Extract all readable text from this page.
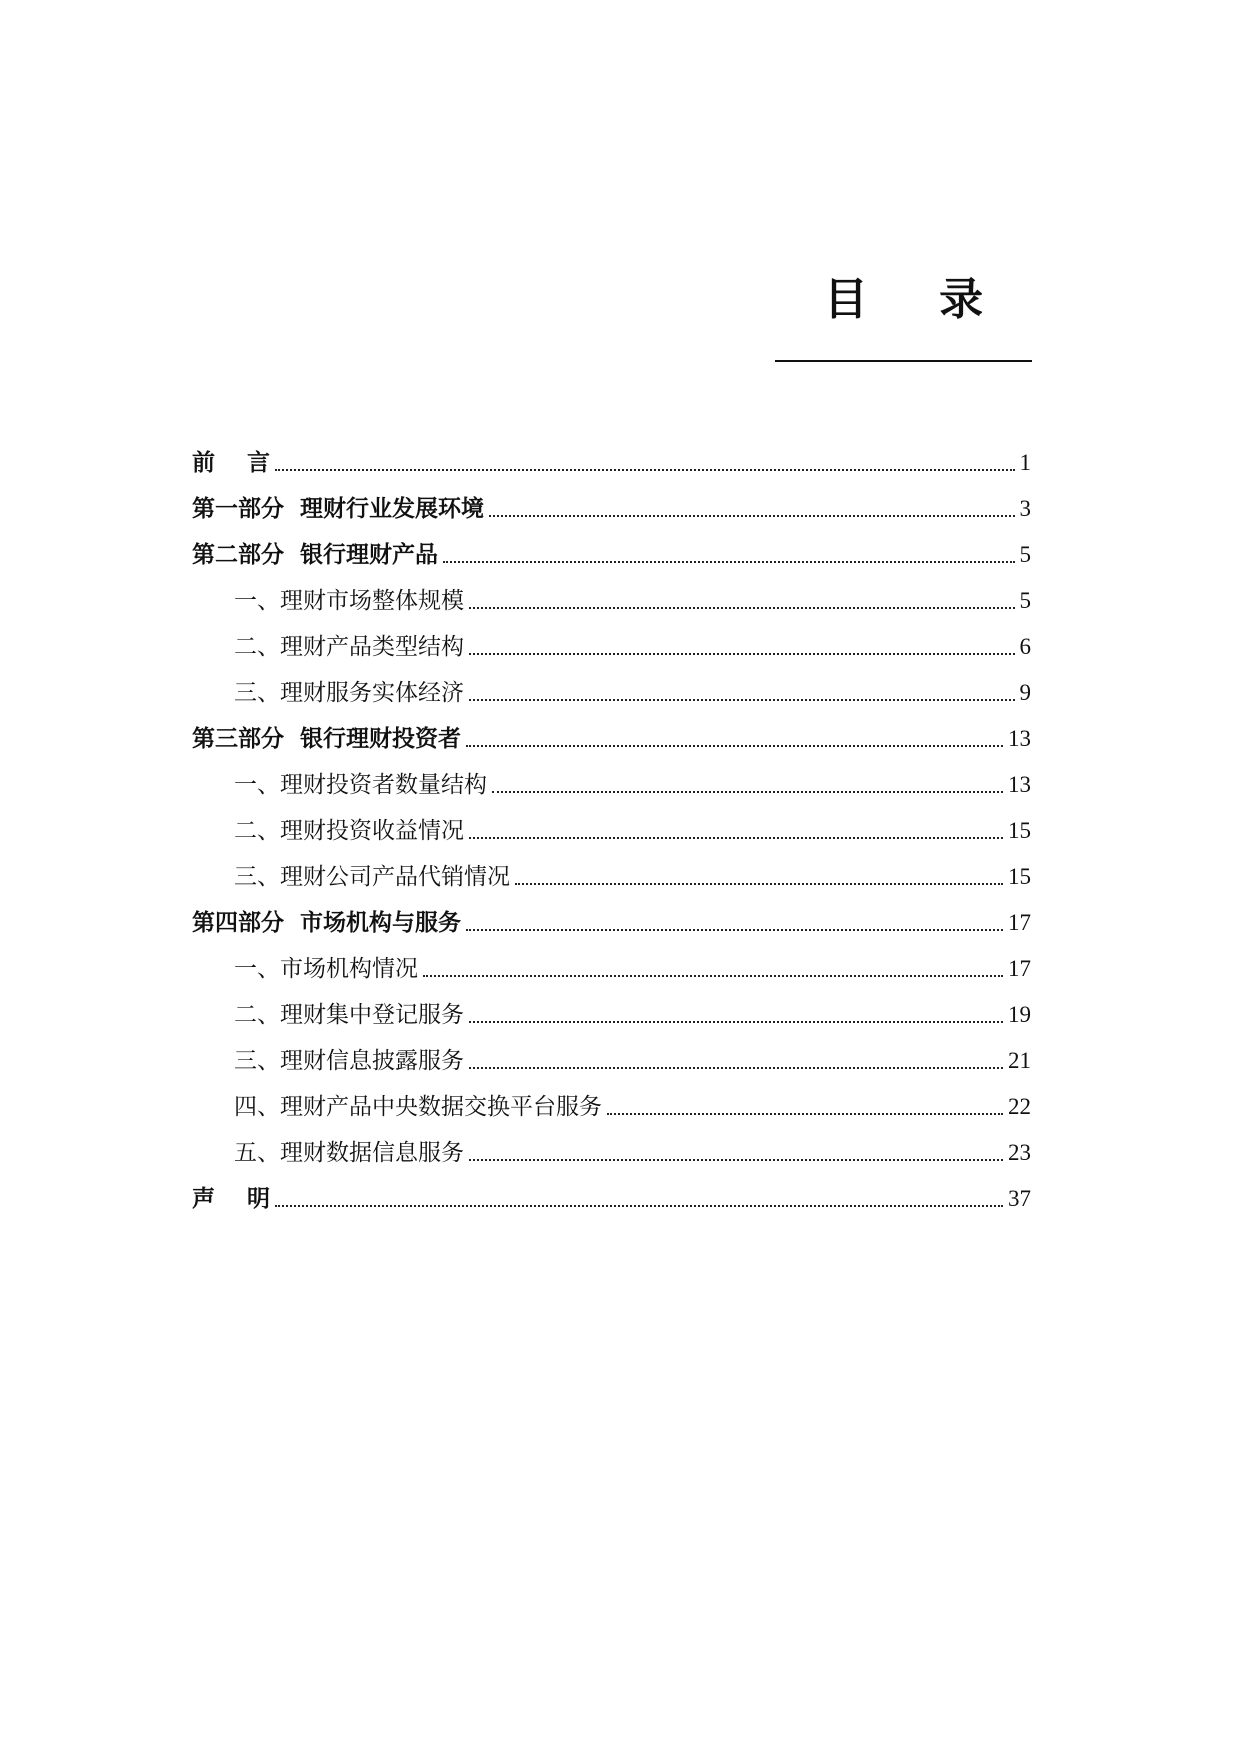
目 录
前    言	1
第一部分  理财行业发展环境	3
第二部分  银行理财产品	5
一、理财市场整体规模	5
二、理财产品类型结构	6
三、理财服务实体经济	9
第三部分  银行理财投资者	13
一、理财投资者数量结构	13
二、理财投资收益情况	15
三、理财公司产品代销情况	15
第四部分  市场机构与服务	17
一、市场机构情况	17
二、理财集中登记服务	19
三、理财信息披露服务	21
四、理财产品中央数据交换平台服务	22
五、理财数据信息服务	23
声    明	37
